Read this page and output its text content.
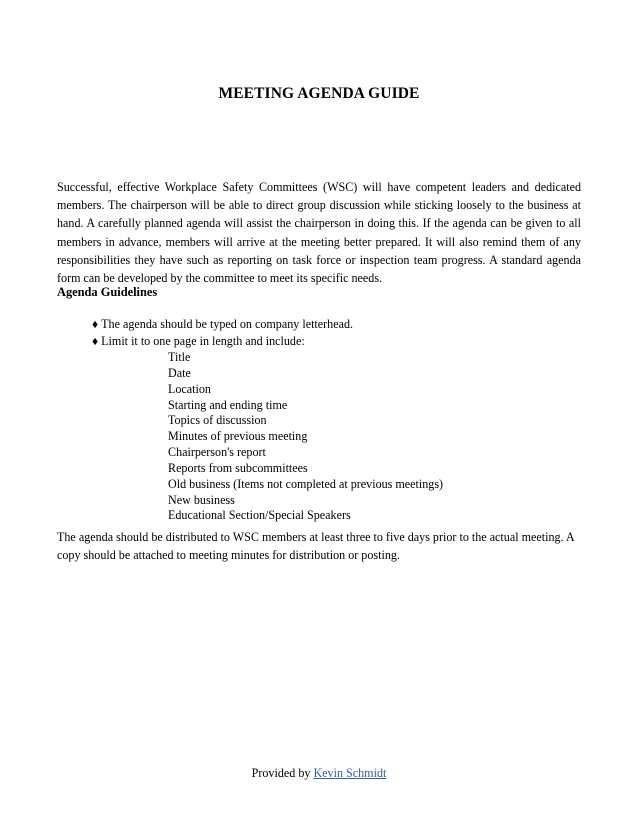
MEETING AGENDA GUIDE

Successful, effective Workplace Safety Committees (WSC) will have competent leaders and dedicated members. The chairperson will be able to direct group discussion while sticking loosely to the business at hand. A carefully planned agenda will assist the chairperson in doing this. If the agenda can be given to all members in advance, members will arrive at the meeting better prepared. It will also remind them of any responsibilities they have such as reporting on task force or inspection team progress. A standard agenda form can be developed by the committee to meet its specific needs.

Agenda Guidelines
♦ The agenda should be typed on company letterhead.
♦ Limit it to one page in length and include:
Title
Date
Location
Starting and ending time
Topics of discussion
Minutes of previous meeting
Chairperson's report
Reports from subcommittees
Old business (Items not completed at previous meetings)
New business
Educational Section/Special Speakers

The agenda should be distributed to WSC members at least three to five days prior to the actual meeting. A copy should be attached to meeting minutes for distribution or posting.

Provided by Kevin Schmidt
